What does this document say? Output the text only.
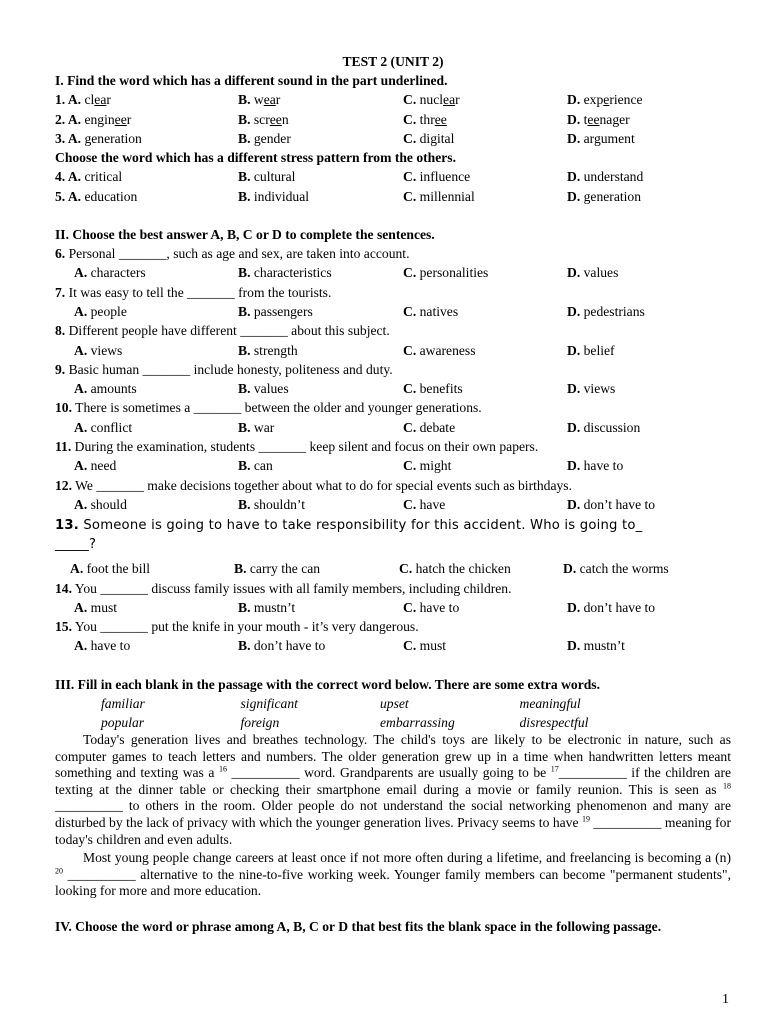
TEST 2 (UNIT 2)
I. Find the word which has a different sound in the part underlined.
1. A. clear	B. wear	C. nuclear	D. experience
2. A. engineer	B. screen	C. three	D. teenager
3. A. generation	B. gender	C. digital	D. argument
Choose the word which has a different stress pattern from the others.
4. A. critical	B. cultural	C. influence	D. understand
5. A. education	B. individual	C. millennial	D. generation
II. Choose the best answer A, B, C or D to complete the sentences.
6. Personal _______, such as age and sex, are taken into account.
A. characters	B. characteristics	C. personalities	D. values
7. It was easy to tell the _______ from the tourists.
A. people	B. passengers	C. natives	D. pedestrians
8. Different people have different _______ about this subject.
A. views	B. strength	C. awareness	D. belief
9. Basic human _______ include honesty, politeness and duty.
A. amounts	B. values	C. benefits	D. views
10. There is sometimes a _______ between the older and younger generations.
A. conflict	B. war	C. debate	D. discussion
11. During the examination, students _______ keep silent and focus on their own papers.
A. need	B. can	C. might	D. have to
12. We _______ make decisions together about what to do for special events such as birthdays.
A. should	B. shouldn’t	C. have	D. don’t have to
13. Someone is going to have to take responsibility for this accident. Who is going to_
_____?
A. foot the bill	B. carry the can	C. hatch the chicken	D. catch the worms
14. You _______ discuss family issues with all family members, including children.
A. must	B. mustn’t	C. have to	D. don’t have to
15. You _______ put the knife in your mouth - it’s very dangerous.
A. have to	B. don’t have to	C. must	D. mustn’t
III. Fill in each blank in the passage with the correct word below. There are some extra words.
familiar	significant	upset	meaningful
popular	foreign	embarrassing	disrespectful
Today's generation lives and breathes technology. The child's toys are likely to be electronic in nature, such as computer games to teach letters and numbers. The older generation grew up in a time when handwritten letters meant something and texting was a $^{16}$ __________ word. Grandparents are usually going to be $^{17}$__________ if the children are texting at the dinner table or checking their smartphone email during a movie or family reunion. This is seen as $^{18}$ __________ to others in the room. Older people do not understand the social networking phenomenon and many are disturbed by the lack of privacy with which the younger generation lives. Privacy seems to have $^{19}$ __________ meaning for today's children and even adults.
Most young people change careers at least once if not more often during a lifetime, and freelancing is becoming a (n) $^{20}$ __________ alternative to the nine-to-five working week. Younger family members can become "permanent students", looking for more and more education.
IV. Choose the word or phrase among A, B, C or D that best fits the blank space in the following passage.
1
